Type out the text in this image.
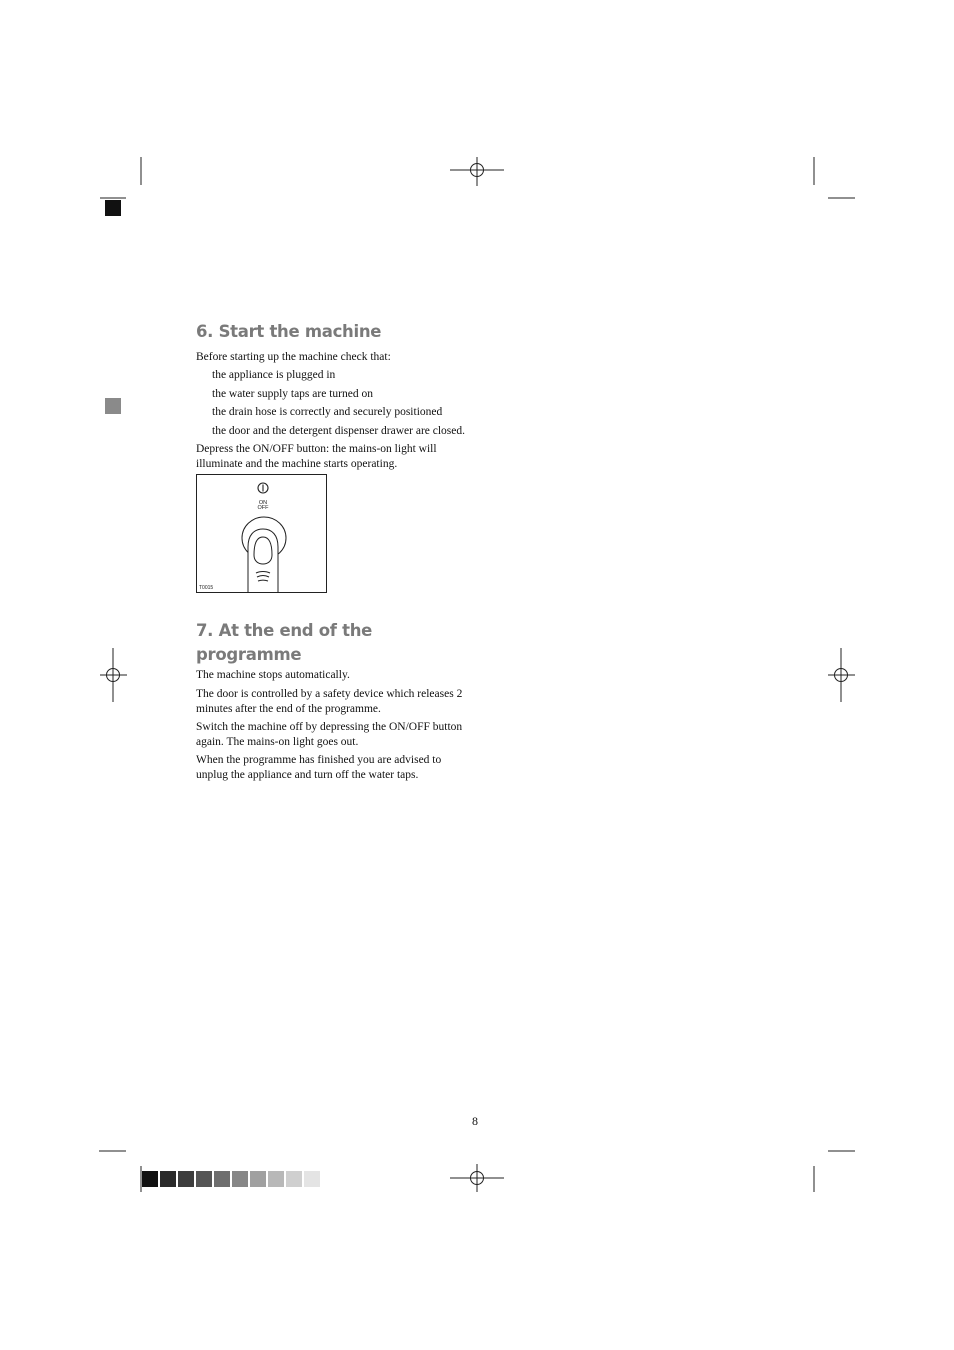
6. Start the machine

Before starting up the machine check that:

the appliance is plugged in
the water supply taps are turned on
the drain hose is correctly and securely positioned
the door and the detergent dispenser drawer are closed.

Depress the ON/OFF button: the mains-on light will illuminate and the machine starts operating.

ON
OFF
T0015
7. At the end of the programme

The machine stops automatically.

The door is controlled by a safety device which releases 2 minutes after the end of the programme.

Switch the machine off by depressing the ON/OFF button again. The mains-on light goes out.

When the programme has finished you are advised to unplug the appliance and turn off the water taps.

8
